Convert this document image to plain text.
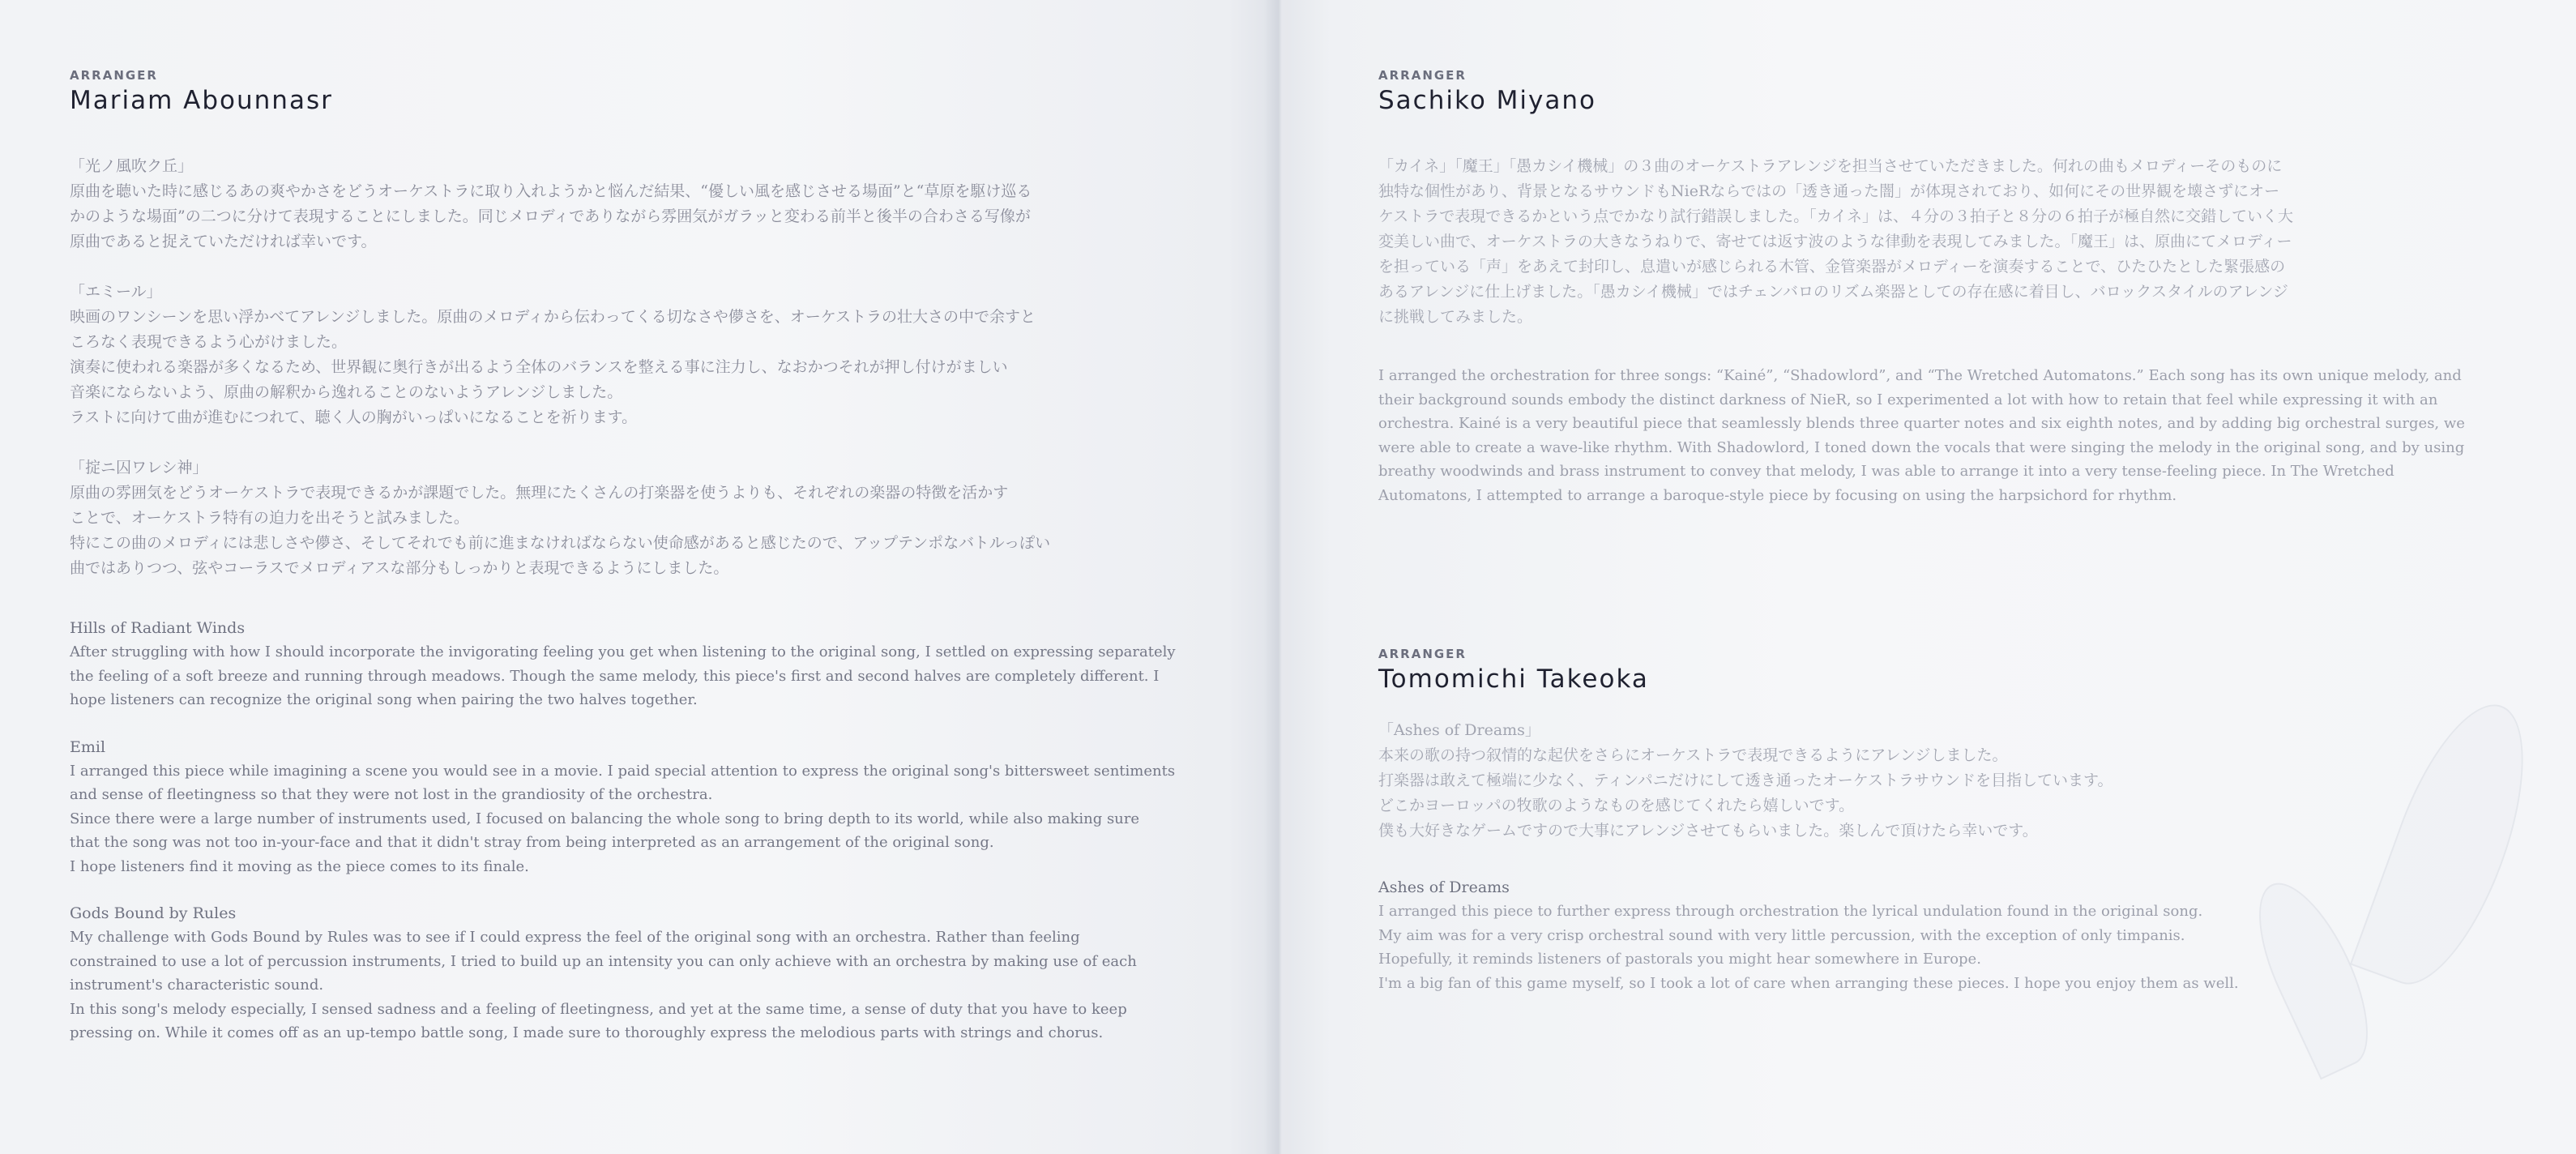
ARRANGER
Mariam Abounnasr
「光ノ風吹ク丘」
原曲を聴いた時に感じるあの爽やかさをどうオーケストラに取り入れようかと悩んだ結果、“優しい風を感じさせる場面”と“草原を駆け巡る
かのような場面”の二つに分けて表現することにしました。同じメロディでありながら雰囲気がガラッと変わる前半と後半の合わさる写像が
原曲であると捉えていただければ幸いです。
「エミール」
映画のワンシーンを思い浮かべてアレンジしました。原曲のメロディから伝わってくる切なさや儚さを、オーケストラの壮大さの中で余すと
ころなく表現できるよう心がけました。
演奏に使われる楽器が多くなるため、世界観に奥行きが出るよう全体のバランスを整える事に注力し、なおかつそれが押し付けがましい
音楽にならないよう、原曲の解釈から逸れることのないようアレンジしました。
ラストに向けて曲が進むにつれて、聴く人の胸がいっぱいになることを祈ります。
「掟ニ囚ワレシ神」
原曲の雰囲気をどうオーケストラで表現できるかが課題でした。無理にたくさんの打楽器を使うよりも、それぞれの楽器の特徴を活かす
ことで、オーケストラ特有の迫力を出そうと試みました。
特にこの曲のメロディには悲しさや儚さ、そしてそれでも前に進まなければならない使命感があると感じたので、アップテンポなバトルっぽい
曲ではありつつ、弦やコーラスでメロディアスな部分もしっかりと表現できるようにしました。
Hills of Radiant Winds
After struggling with how I should incorporate the invigorating feeling you get when listening to the original song, I settled on expressing separately
the feeling of a soft breeze and running through meadows. Though the same melody, this piece's first and second halves are completely different. I
hope listeners can recognize the original song when pairing the two halves together.
Emil
I arranged this piece while imagining a scene you would see in a movie. I paid special attention to express the original song's bittersweet sentiments
and sense of fleetingness so that they were not lost in the grandiosity of the orchestra.
Since there were a large number of instruments used, I focused on balancing the whole song to bring depth to its world, while also making sure
that the song was not too in-your-face and that it didn't stray from being interpreted as an arrangement of the original song.
I hope listeners find it moving as the piece comes to its finale.
Gods Bound by Rules
My challenge with Gods Bound by Rules was to see if I could express the feel of the original song with an orchestra. Rather than feeling
constrained to use a lot of percussion instruments, I tried to build up an intensity you can only achieve with an orchestra by making use of each
instrument's characteristic sound.
In this song's melody especially, I sensed sadness and a feeling of fleetingness, and yet at the same time, a sense of duty that you have to keep
pressing on. While it comes off as an up-tempo battle song, I made sure to thoroughly express the melodious parts with strings and chorus.
ARRANGER
Sachiko Miyano
「カイネ」「魔王」「愚カシイ機械」の３曲のオーケストラアレンジを担当させていただきました。何れの曲もメロディーそのものに
独特な個性があり、背景となるサウンドもNieRならではの「透き通った闇」が体現されており、如何にその世界観を壊さずにオー
ケストラで表現できるかという点でかなり試行錯誤しました。「カイネ」は、４分の３拍子と８分の６拍子が極自然に交錯していく大
変美しい曲で、オーケストラの大きなうねりで、寄せては返す波のような律動を表現してみました。「魔王」は、原曲にてメロディー
を担っている「声」をあえて封印し、息遣いが感じられる木管、金管楽器がメロディーを演奏することで、ひたひたとした緊張感の
あるアレンジに仕上げました。「愚カシイ機械」ではチェンバロのリズム楽器としての存在感に着目し、バロックスタイルのアレンジ
に挑戦してみました。
I arranged the orchestration for three songs: “Kainé”, “Shadowlord”, and “The Wretched Automatons.” Each song has its own unique melody, and
their background sounds embody the distinct darkness of NieR, so I experimented a lot with how to retain that feel while expressing it with an
orchestra. Kainé is a very beautiful piece that seamlessly blends three quarter notes and six eighth notes, and by adding big orchestral surges, we
were able to create a wave-like rhythm. With Shadowlord, I toned down the vocals that were singing the melody in the original song, and by using
breathy woodwinds and brass instrument to convey that melody, I was able to arrange it into a very tense-feeling piece. In The Wretched
Automatons, I attempted to arrange a baroque-style piece by focusing on using the harpsichord for rhythm.
ARRANGER
Tomomichi Takeoka
「Ashes of Dreams」
本来の歌の持つ叙情的な起伏をさらにオーケストラで表現できるようにアレンジしました。
打楽器は敢えて極端に少なく、ティンパニだけにして透き通ったオーケストラサウンドを目指しています。
どこかヨーロッパの牧歌のようなものを感じてくれたら嬉しいです。
僕も大好きなゲームですので大事にアレンジさせてもらいました。楽しんで頂けたら幸いです。
Ashes of Dreams
I arranged this piece to further express through orchestration the lyrical undulation found in the original song.
My aim was for a very crisp orchestral sound with very little percussion, with the exception of only timpanis.
Hopefully, it reminds listeners of pastorals you might hear somewhere in Europe.
I'm a big fan of this game myself, so I took a lot of care when arranging these pieces. I hope you enjoy them as well.
